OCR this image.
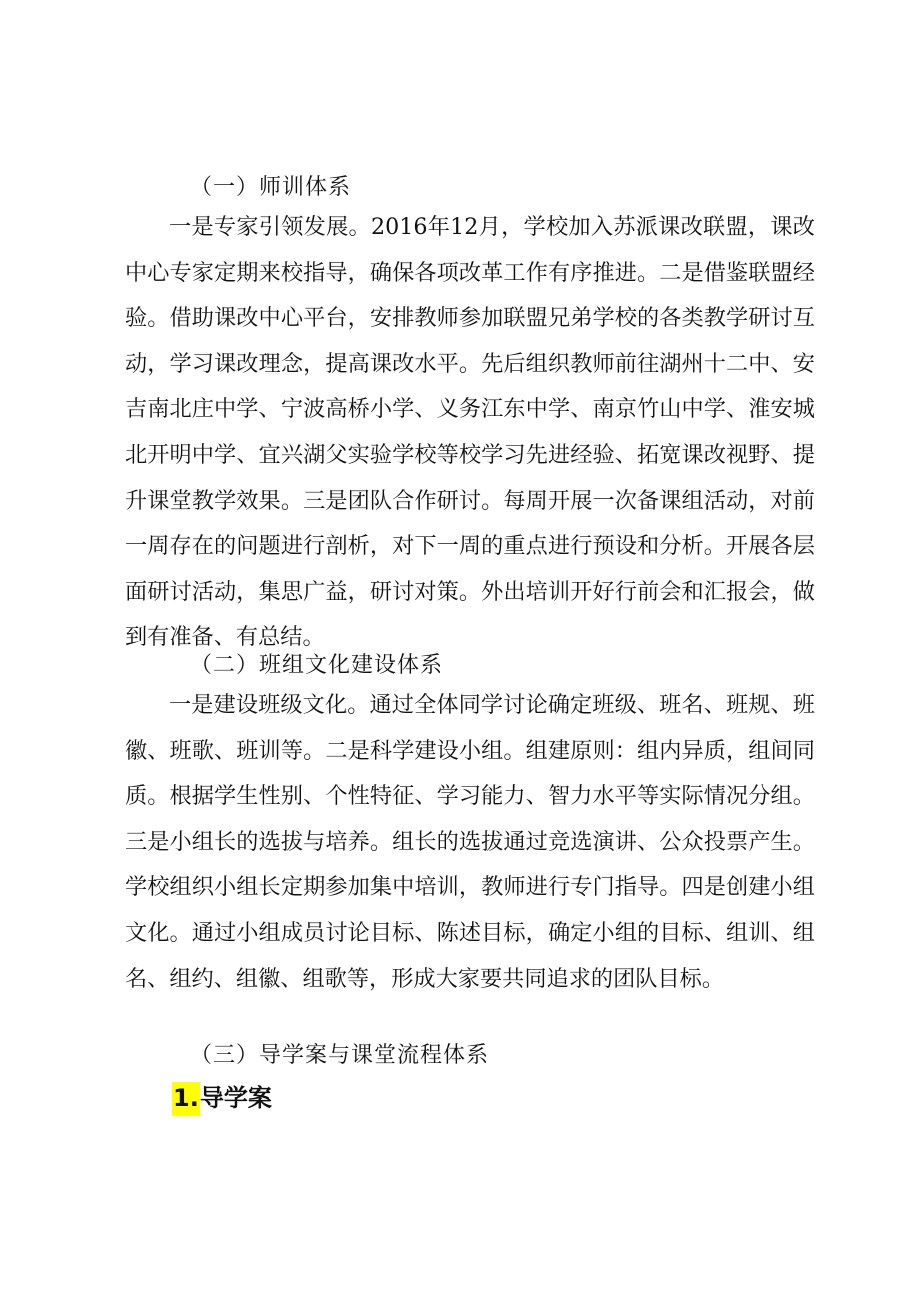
（一）师训体系
一是专家引领发展。2016年12月，学校加入苏派课改联盟，课改中心专家定期来校指导，确保各项改革工作有序推进。二是借鉴联盟经验。借助课改中心平台，安排教师参加联盟兄弟学校的各类教学研讨互动，学习课改理念，提高课改水平。先后组织教师前往湖州十二中、安吉南北庄中学、宁波高桥小学、义务江东中学、南京竹山中学、淮安城北开明中学、宜兴湖父实验学校等校学习先进经验、拓宽课改视野、提升课堂教学效果。三是团队合作研讨。每周开展一次备课组活动，对前一周存在的问题进行剖析，对下一周的重点进行预设和分析。开展各层面研讨活动，集思广益，研讨对策。外出培训开好行前会和汇报会，做到有准备、有总结。
（二）班组文化建设体系
一是建设班级文化。通过全体同学讨论确定班级、班名、班规、班徽、班歌、班训等。二是科学建设小组。组建原则：组内异质，组间同质。根据学生性别、个性特征、学习能力、智力水平等实际情况分组。三是小组长的选拔与培养。组长的选拔通过竞选演讲、公众投票产生。学校组织小组长定期参加集中培训，教师进行专门指导。四是创建小组文化。通过小组成员讨论目标、陈述目标，确定小组的目标、组训、组名、组约、组徽、组歌等，形成大家要共同追求的团队目标。
（三）导学案与课堂流程体系
1.导学案
